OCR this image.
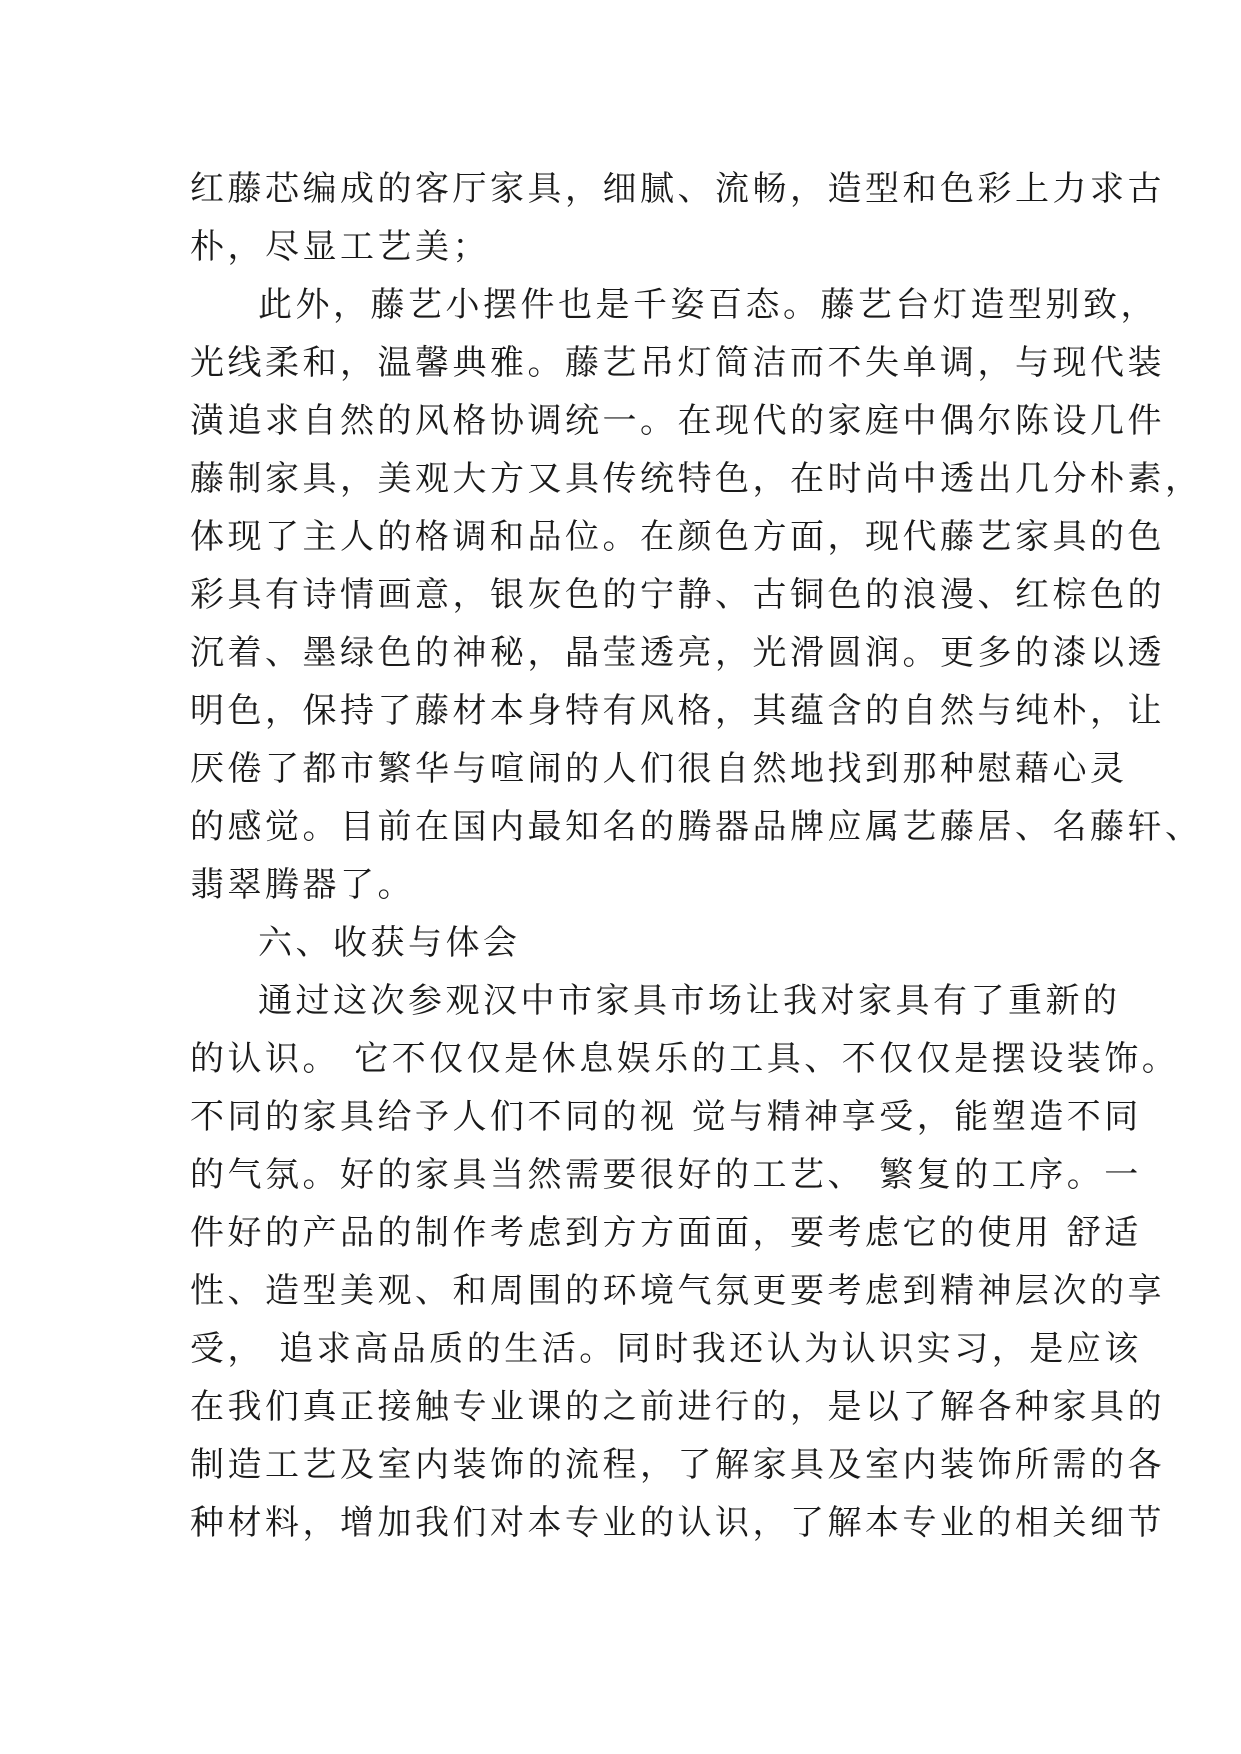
红藤芯编成的客厅家具，细腻、流畅，造型和色彩上力求古
朴，尽显工艺美；
此外，藤艺小摆件也是千姿百态。藤艺台灯造型别致，
光线柔和，温馨典雅。藤艺吊灯简洁而不失单调，与现代装
潢追求自然的风格协调统一。在现代的家庭中偶尔陈设几件
藤制家具，美观大方又具传统特色，在时尚中透出几分朴素，
体现了主人的格调和品位。在颜色方面，现代藤艺家具的色
彩具有诗情画意，银灰色的宁静、古铜色的浪漫、红棕色的
沉着、墨绿色的神秘，晶莹透亮，光滑圆润。更多的漆以透
明色，保持了藤材本身特有风格，其蕴含的自然与纯朴，让
厌倦了都市繁华与喧闹的人们很自然地找到那种慰藉心灵
的感觉。目前在国内最知名的腾器品牌应属艺藤居、名藤轩、
翡翠腾器了。
六、收获与体会
通过这次参观汉中市家具市场让我对家具有了重新的
的认识。 它不仅仅是休息娱乐的工具、不仅仅是摆设装饰。
不同的家具给予人们不同的视 觉与精神享受，能塑造不同
的气氛。好的家具当然需要很好的工艺、 繁复的工序。一
件好的产品的制作考虑到方方面面，要考虑它的使用 舒适
性、造型美观、和周围的环境气氛更要考虑到精神层次的享
受， 追求高品质的生活。同时我还认为认识实习，是应该
在我们真正接触专业课的之前进行的，是以了解各种家具的
制造工艺及室内装饰的流程，了解家具及室内装饰所需的各
种材料，增加我们对本专业的认识，了解本专业的相关细节
